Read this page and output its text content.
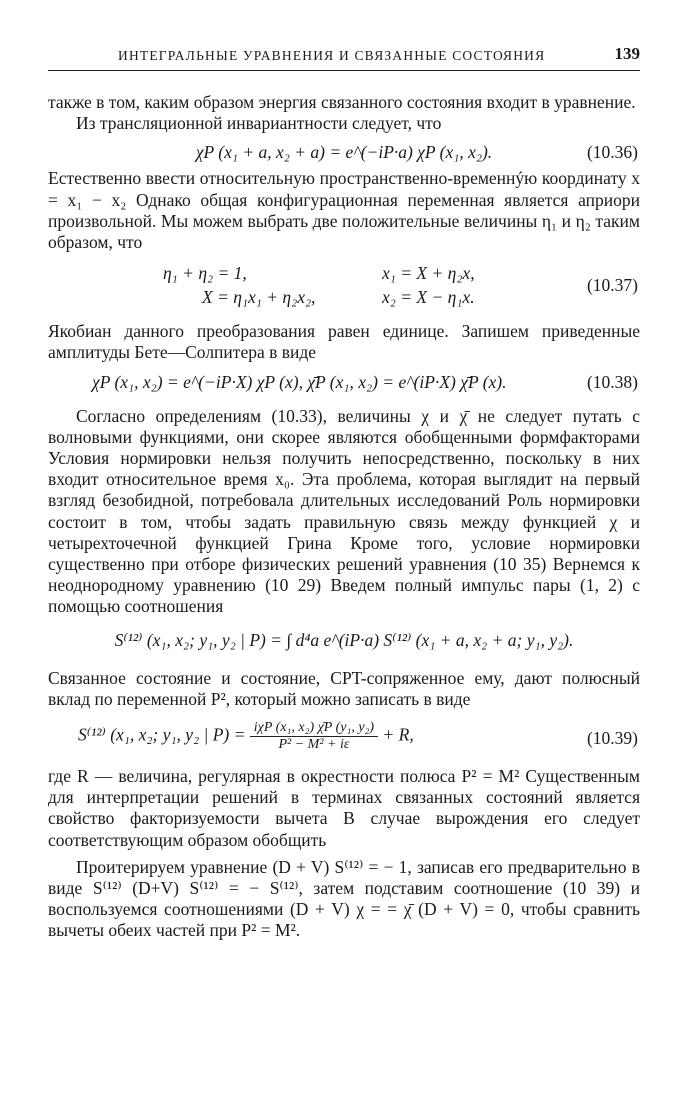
ИНТЕГРАЛЬНЫЕ УРАВНЕНИЯ И СВЯЗАННЫЕ СОСТОЯНИЯ	139

также в том, каким образом энергия связанного состояния входит в уравнение.

Из трансляционной инвариантности следует, что

χP (x₁ + a, x₂ + a) = e^(−iP·a) χP (x₁, x₂).	(10.36)

Естественно ввести относительную пространственно-временнýю координату x = x₁ − x₂ Однако общая конфигурационная переменная является априори произвольной. Мы можем выбрать две положительные величины η₁ и η₂ таким образом, что

η₁ + η₂ = 1,	x₁ = X + η₂x,
X = η₁x₁ + η₂x₂,	x₂ = X − η₁x.
(10.37)

Якобиан данного преобразования равен единице. Запишем приведенные амплитуды Бете—Солпитера в виде

χP (x₁, x₂) = e^(−iP·X) χP (x), χ̄P (x₁, x₂) = e^(iP·X) χ̄P (x).	(10.38)

Согласно определениям (10.33), величины χ и χ̄ не следует путать с волновыми функциями, они скорее являются обобщенными формфакторами Условия нормировки нельзя получить непосредственно, поскольку в них входит относительное время x₀. Эта проблема, которая выглядит на первый взгляд безобидной, потребовала длительных исследований Роль нормировки состоит в том, чтобы задать правильную связь между функцией χ и четырехточечной функцией Грина Кроме того, условие нормировки существенно при отборе физических решений уравнения (10 35) Вернемся к неоднородному уравнению (10 29) Введем полный импульс пары (1, 2) с помощью соотношения

S⁽¹²⁾ (x₁, x₂; y₁, y₂ | P) = ∫ d⁴a e^(iP·a) S⁽¹²⁾ (x₁ + a, x₂ + a; y₁, y₂).

Связанное состояние и состояние, CPT-сопряженное ему, дают полюсный вклад по переменной P², который можно записать в виде

S⁽¹²⁾ (x₁, x₂; y₁, y₂ | $P) = \frac{\text{iχP (x₁, x₂) χ̄P (y₁, y₂)}}{\text{P² − M² + iε}} + R$,	(10.39)

где R — величина, регулярная в окрестности полюса P² = M² Существенным для интерпретации решений в терминах связанных состояний является свойство факторизуемости вычета В случае вырождения его следует соответствующим образом обобщить

Проитерируем уравнение (D + V) S⁽¹²⁾ = − 1, записав его предварительно в виде S⁽¹²⁾ (D+V) S⁽¹²⁾ = − S⁽¹²⁾, затем подставим соотношение (10 39) и воспользуемся соотношениями (D + V) χ = = χ̄ (D + V) = 0, чтобы сравнить вычеты обеих частей при P² = M².
